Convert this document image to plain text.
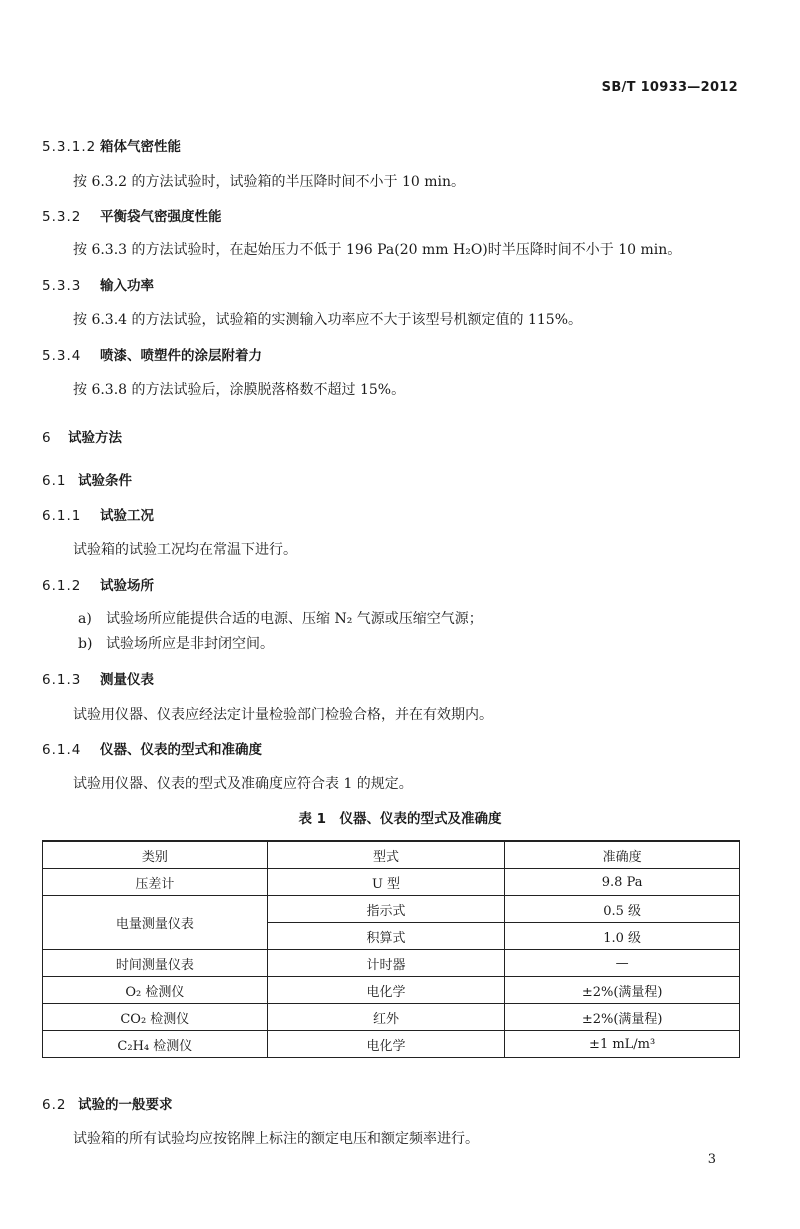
SB/T 10933—2012
5.3.1.2 箱体气密性能
按 6.3.2 的方法试验时，试验箱的半压降时间不小于 10 min。
5.3.2 平衡袋气密强度性能
按 6.3.3 的方法试验时，在起始压力不低于 196 Pa(20 mm H₂O)时半压降时间不小于 10 min。
5.3.3 输入功率
按 6.3.4 的方法试验，试验箱的实测输入功率应不大于该型号机额定值的 115%。
5.3.4 喷漆、喷塑件的涂层附着力
按 6.3.8 的方法试验后，涂膜脱落格数不超过 15%。
6 试验方法
6.1 试验条件
6.1.1 试验工况
试验箱的试验工况均在常温下进行。
6.1.2 试验场所
a) 试验场所应能提供合适的电源、压缩 N₂ 气源或压缩空气源；
b) 试验场所应是非封闭空间。
6.1.3 测量仪表
试验用仪器、仪表应经法定计量检验部门检验合格，并在有效期内。
6.1.4 仪器、仪表的型式和准确度
试验用仪器、仪表的型式及准确度应符合表 1 的规定。
表 1　仪器、仪表的型式及准确度
类别	型式	准确度
压差计	U 型	9.8 Pa
电量测量仪表	指示式	0.5 级
	积算式	1.0 级
时间测量仪表	计时器	—
O₂ 检测仪	电化学	±2%(满量程)
CO₂ 检测仪	红外	±2%(满量程)
C₂H₄ 检测仪	电化学	±1 mL/m³
6.2 试验的一般要求
试验箱的所有试验均应按铭牌上标注的额定电压和额定频率进行。
3
